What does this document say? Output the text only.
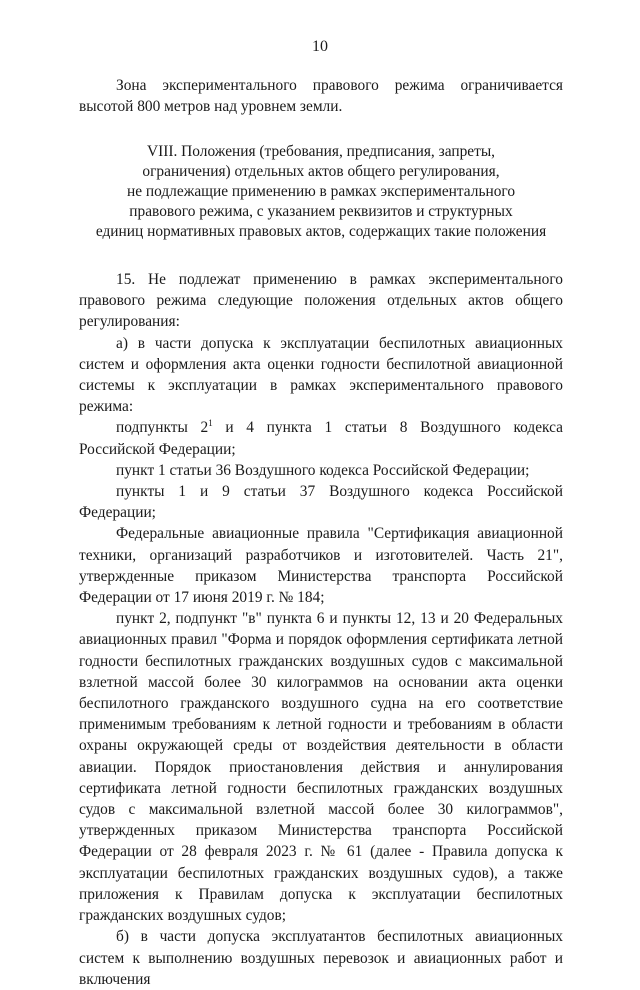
10

Зона экспериментального правового режима ограничивается высотой 800 метров над уровнем земли.

VIII. Положения (требования, предписания, запреты,
ограничения) отдельных актов общего регулирования,
не подлежащие применению в рамках экспериментального
правового режима, с указанием реквизитов и структурных
единиц нормативных правовых актов, содержащих такие положения

15. Не подлежат применению в рамках экспериментального правового режима следующие положения отдельных актов общего регулирования:

а) в части допуска к эксплуатации беспилотных авиационных систем и оформления акта оценки годности беспилотной авиационной системы к эксплуатации в рамках экспериментального правового режима:

подпункты $2^1$ и 4 пункта 1 статьи 8 Воздушного кодекса Российской Федерации;

пункт 1 статьи 36 Воздушного кодекса Российской Федерации;

пункты 1 и 9 статьи 37 Воздушного кодекса Российской Федерации;

Федеральные авиационные правила "Сертификация авиационной техники, организаций разработчиков и изготовителей. Часть 21", утвержденные приказом Министерства транспорта Российской Федерации от 17 июня 2019 г. № 184;

пункт 2, подпункт "в" пункта 6 и пункты 12, 13 и 20 Федеральных авиационных правил "Форма и порядок оформления сертификата летной годности беспилотных гражданских воздушных судов с максимальной взлетной массой более 30 килограммов на основании акта оценки беспилотного гражданского воздушного судна на его соответствие применимым требованиям к летной годности и требованиям в области охраны окружающей среды от воздействия деятельности в области авиации. Порядок приостановления действия и аннулирования сертификата летной годности беспилотных гражданских воздушных судов с максимальной взлетной массой более 30 килограммов", утвержденных приказом Министерства транспорта Российской Федерации от 28 февраля 2023 г. № 61 (далее - Правила допуска к эксплуатации беспилотных гражданских воздушных судов), а также приложения к Правилам допуска к эксплуатации беспилотных гражданских воздушных судов;

б) в части допуска эксплуатантов беспилотных авиационных систем к выполнению воздушных перевозок и авиационных работ и включения
